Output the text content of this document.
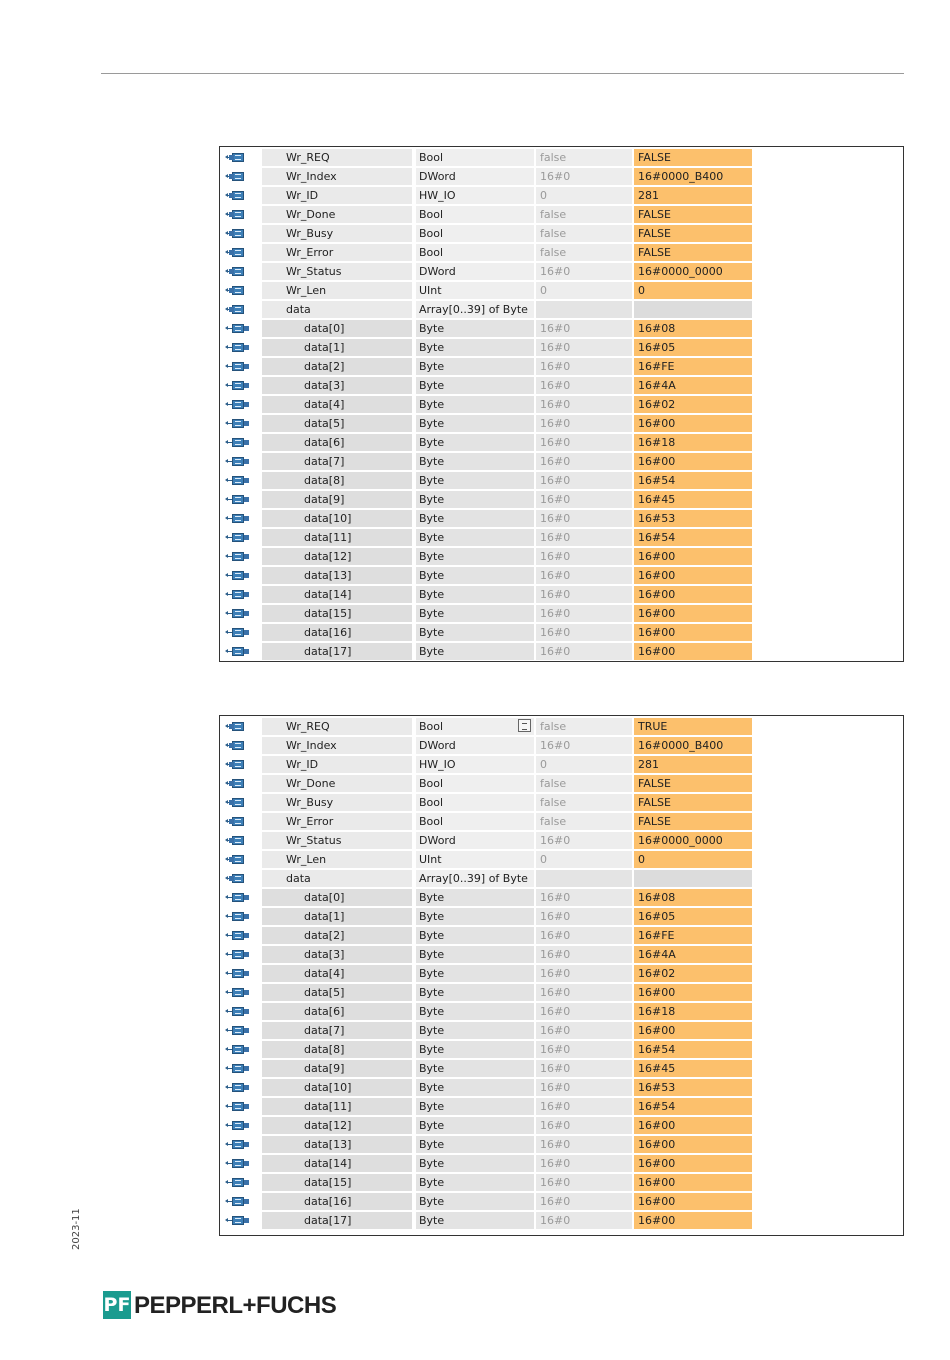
Wr_REQ	Bool	false	FALSE
Wr_Index	DWord	16#0	16#0000_B400
Wr_ID	HW_IO	0	281
Wr_Done	Bool	false	FALSE
Wr_Busy	Bool	false	FALSE
Wr_Error	Bool	false	FALSE
Wr_Status	DWord	16#0	16#0000_0000
Wr_Len	UInt	0	0
data	Array[0..39] of Byte
data[0]	Byte	16#0	16#08
data[1]	Byte	16#0	16#05
data[2]	Byte	16#0	16#FE
data[3]	Byte	16#0	16#4A
data[4]	Byte	16#0	16#02
data[5]	Byte	16#0	16#00
data[6]	Byte	16#0	16#18
data[7]	Byte	16#0	16#00
data[8]	Byte	16#0	16#54
data[9]	Byte	16#0	16#45
data[10]	Byte	16#0	16#53
data[11]	Byte	16#0	16#54
data[12]	Byte	16#0	16#00
data[13]	Byte	16#0	16#00
data[14]	Byte	16#0	16#00
data[15]	Byte	16#0	16#00
data[16]	Byte	16#0	16#00
data[17]	Byte	16#0	16#00
Wr_REQ	Bool	false	TRUE
Wr_Index	DWord	16#0	16#0000_B400
Wr_ID	HW_IO	0	281
Wr_Done	Bool	false	FALSE
Wr_Busy	Bool	false	FALSE
Wr_Error	Bool	false	FALSE
Wr_Status	DWord	16#0	16#0000_0000
Wr_Len	UInt	0	0
data	Array[0..39] of Byte
data[0]	Byte	16#0	16#08
data[1]	Byte	16#0	16#05
data[2]	Byte	16#0	16#FE
data[3]	Byte	16#0	16#4A
data[4]	Byte	16#0	16#02
data[5]	Byte	16#0	16#00
data[6]	Byte	16#0	16#18
data[7]	Byte	16#0	16#00
data[8]	Byte	16#0	16#54
data[9]	Byte	16#0	16#45
data[10]	Byte	16#0	16#53
data[11]	Byte	16#0	16#54
data[12]	Byte	16#0	16#00
data[13]	Byte	16#0	16#00
data[14]	Byte	16#0	16#00
data[15]	Byte	16#0	16#00
data[16]	Byte	16#0	16#00
data[17]	Byte	16#0	16#00
2023-11
PF PEPPERL+FUCHS
